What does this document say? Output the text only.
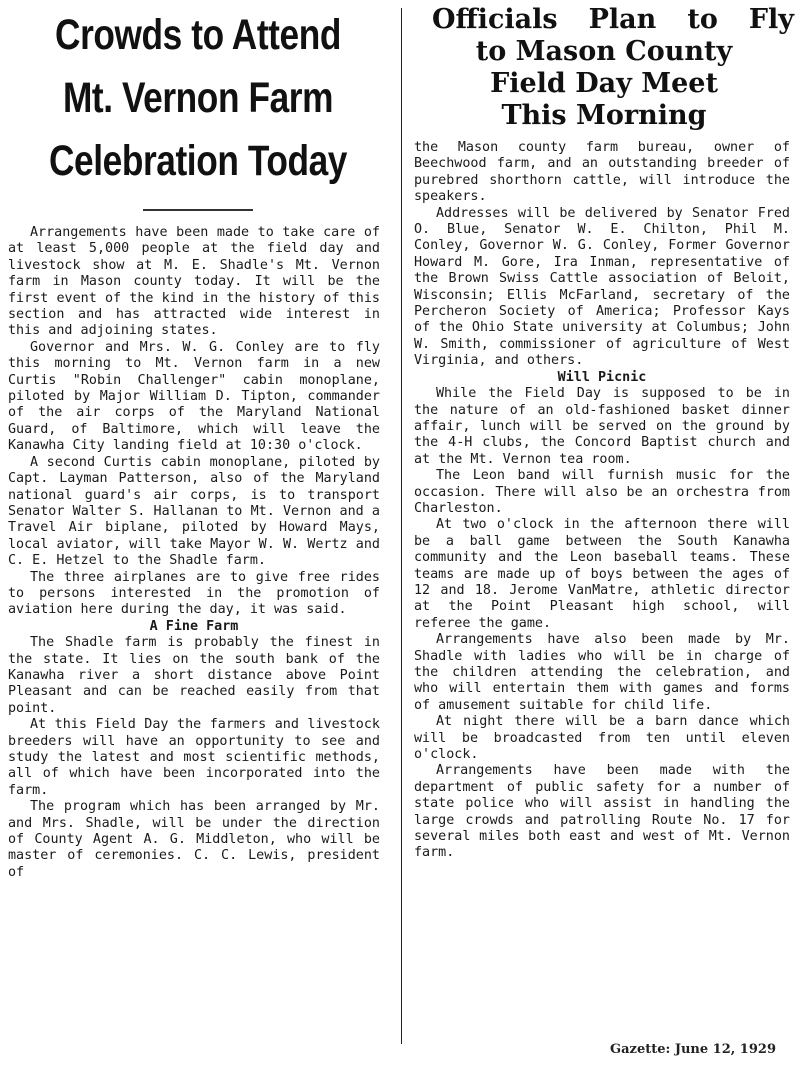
Crowds to Attend
Mt. Vernon Farm
Celebration Today

Arrangements have been made to take care of at least 5,000 people at the field day and livestock show at M. E. Shadle's Mt. Vernon farm in Mason county today. It will be the first event of the kind in the history of this section and has attracted wide interest in this and adjoining states.

Governor and Mrs. W. G. Conley are to fly this morning to Mt. Vernon farm in a new Curtis "Robin Challenger" cabin monoplane, piloted by Major William D. Tipton, commander of the air corps of the Maryland National Guard, of Baltimore, which will leave the Kanawha City landing field at 10:30 o'clock.

A second Curtis cabin monoplane, piloted by Capt. Layman Patterson, also of the Maryland national guard's air corps, is to transport Senator Walter S. Hallanan to Mt. Vernon and a Travel Air biplane, piloted by Howard Mays, local aviator, will take Mayor W. W. Wertz and C. E. Hetzel to the Shadle farm.

The three airplanes are to give free rides to persons interested in the promotion of aviation here during the day, it was said.

A Fine Farm

The Shadle farm is probably the finest in the state. It lies on the south bank of the Kanawha river a short distance above Point Pleasant and can be reached easily from that point.

At this Field Day the farmers and livestock breeders will have an opportunity to see and study the latest and most scientific methods, all of which have been incorporated into the farm.

The program which has been arranged by Mr. and Mrs. Shadle, will be under the direction of County Agent A. G. Middleton, who will be master of ceremonies. C. C. Lewis, president of

Officials Plan to Fly
to Mason County
Field Day Meet
This Morning

the Mason county farm bureau, owner of Beechwood farm, and an outstanding breeder of purebred shorthorn cattle, will introduce the speakers.

Addresses will be delivered by Senator Fred O. Blue, Senator W. E. Chilton, Phil M. Conley, Governor W. G. Conley, Former Governor Howard M. Gore, Ira Inman, representative of the Brown Swiss Cattle association of Beloit, Wisconsin; Ellis McFarland, secretary of the Percheron Society of America; Professor Kays of the Ohio State university at Columbus; John W. Smith, commissioner of agriculture of West Virginia, and others.

Will Picnic

While the Field Day is supposed to be in the nature of an old-fashioned basket dinner affair, lunch will be served on the ground by the 4-H clubs, the Concord Baptist church and at the Mt. Vernon tea room.

The Leon band will furnish music for the occasion. There will also be an orchestra from Charleston.

At two o'clock in the afternoon there will be a ball game between the South Kanawha community and the Leon baseball teams. These teams are made up of boys between the ages of 12 and 18. Jerome VanMatre, athletic director at the Point Pleasant high school, will referee the game.

Arrangements have also been made by Mr. Shadle with ladies who will be in charge of the children attending the celebration, and who will entertain them with games and forms of amusement suitable for child life.

At night there will be a barn dance which will be broadcasted from ten until eleven o'clock.

Arrangements have been made with the department of public safety for a number of state police who will assist in handling the large crowds and patrolling Route No. 17 for several miles both east and west of Mt. Vernon farm.

Gazette: June 12, 1929
